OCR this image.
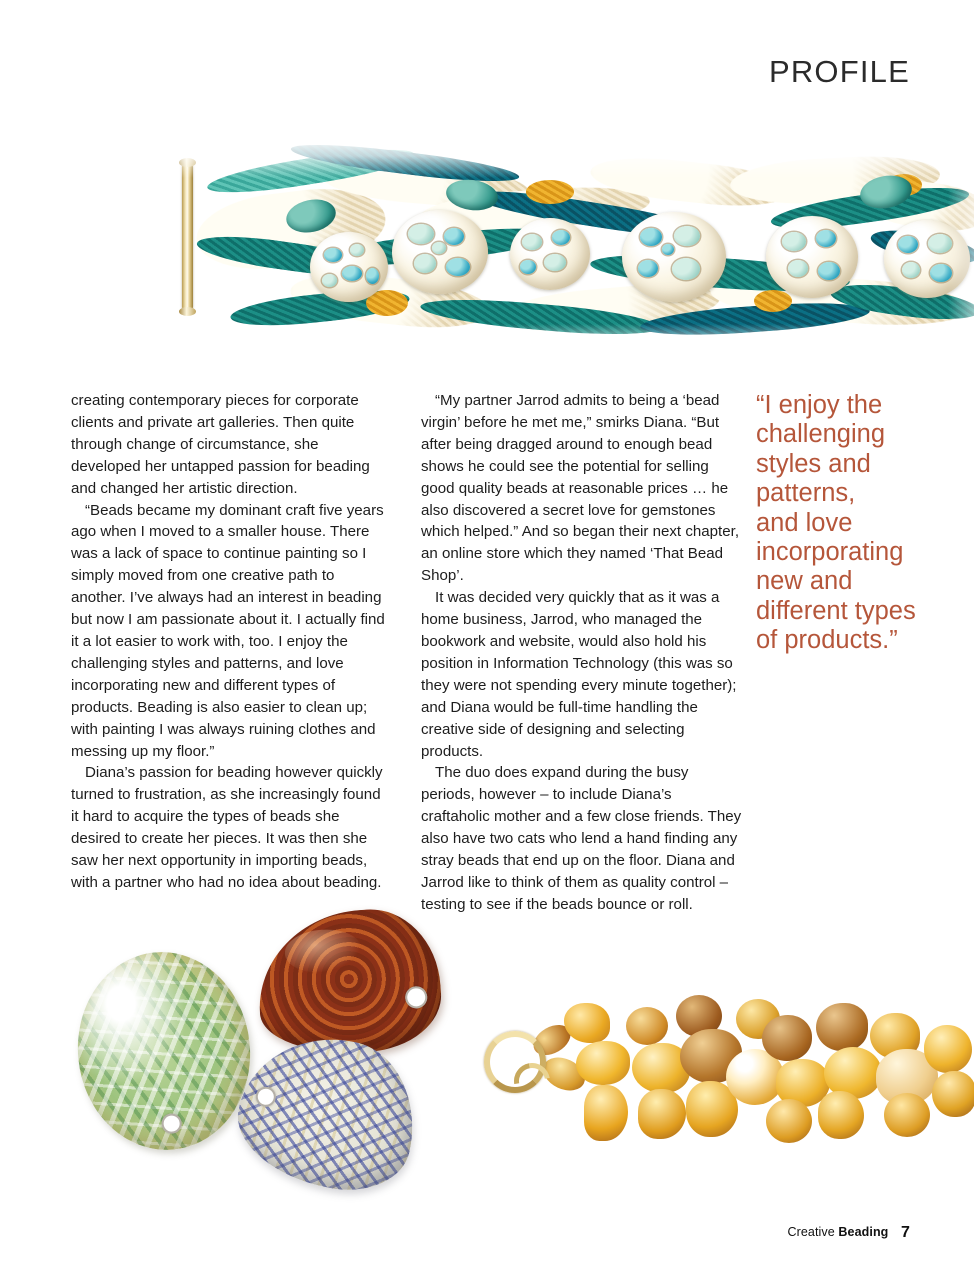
PROFILE

creating contemporary pieces for corporate clients and private art galleries. Then quite through change of circumstance, she developed her untapped passion for beading and changed her artistic direction.

“Beads became my dominant craft five years ago when I moved to a smaller house. There was a lack of space to continue painting so I simply moved from one creative path to another. I’ve always had an interest in beading but now I am passionate about it. I actually find it a lot easier to work with, too. I enjoy the challenging styles and patterns, and love incorporating new and different types of products. Beading is also easier to clean up; with painting I was always ruining clothes and messing up my floor.”

Diana’s passion for beading however quickly turned to frustration, as she increasingly found it hard to acquire the types of beads she desired to create her pieces. It was then she saw her next opportunity in importing beads, with a partner who had no idea about beading.

“My partner Jarrod admits to being a ‘bead virgin’ before he met me,” smirks Diana. “But after being dragged around to enough bead shows he could see the potential for selling good quality beads at reasonable prices … he also discovered a secret love for gemstones which helped.” And so began their next chapter, an online store which they named ‘That Bead Shop’.

It was decided very quickly that as it was a home business, Jarrod, who managed the bookwork and website, would also hold his position in Information Technology (this was so they were not spending every minute together); and Diana would be full-time handling the creative side of designing and selecting products.

The duo does expand during the busy periods, however – to include Diana’s craftaholic mother and a few close friends. They also have two cats who lend a hand finding any stray beads that end up on the floor. Diana and Jarrod like to think of them as quality control – testing to see if the beads bounce or roll.

“I enjoy the

challenging

styles and

patterns,

and love

incorporating

new and

different types

of products.”

Creative Beading 7
